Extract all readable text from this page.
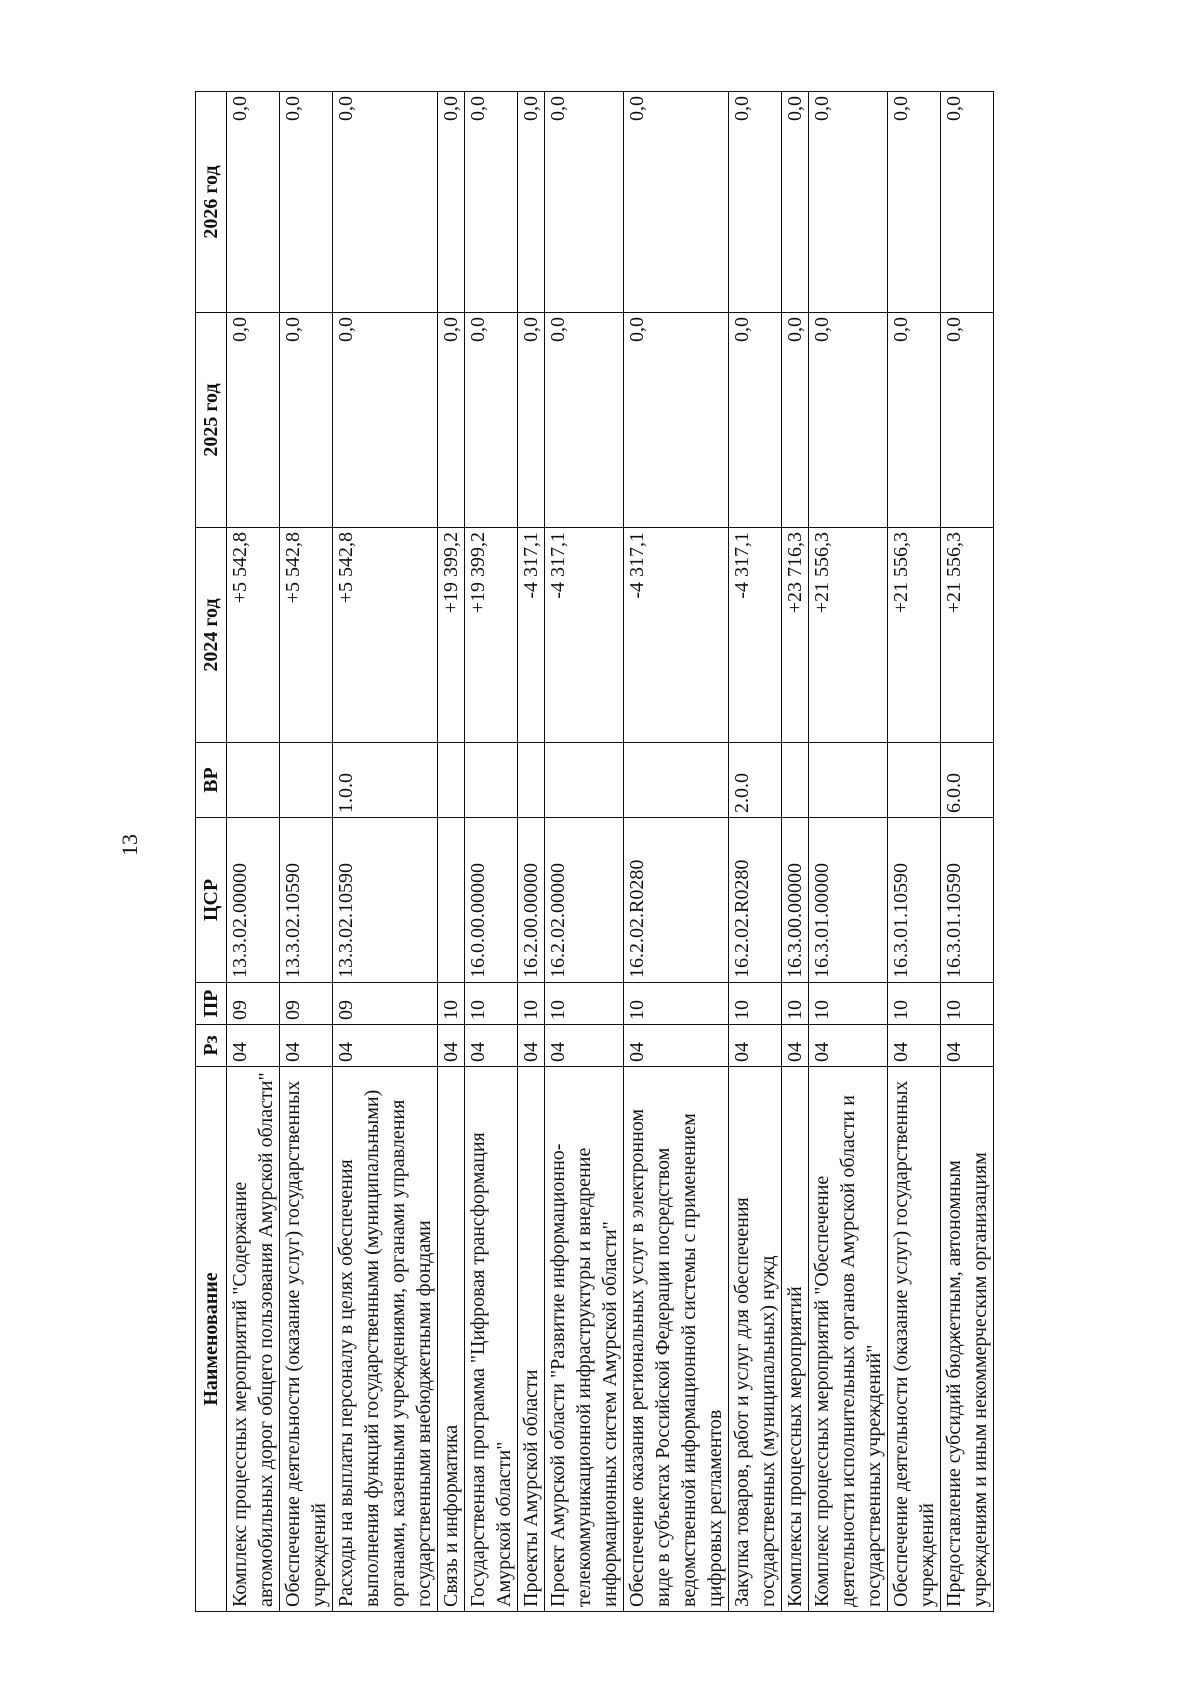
13
Наименование	Рз	ПР	ЦСР	ВР	2024 год	2025 год	2026 год
Комплекс процессных мероприятий "Содержание автомобильных дорог общего пользования Амурской области"	04	09	13.3.02.00000		+5 542,8	0,0	0,0
Обеспечение деятельности (оказание услуг) государственных учреждений	04	09	13.3.02.10590		+5 542,8	0,0	0,0
Расходы на выплаты персоналу в целях обеспечения выполнения функций государственными (муниципальными) органами, казенными учреждениями, органами управления государственными внебюджетными фондами	04	09	13.3.02.10590	1.0.0	+5 542,8	0,0	0,0
Связь и информатика	04	10			+19 399,2	0,0	0,0
Государственная программа "Цифровая трансформация Амурской области"	04	10	16.0.00.00000		+19 399,2	0,0	0,0
Проекты Амурской области	04	10	16.2.00.00000		-4 317,1	0,0	0,0
Проект Амурской области "Развитие информационно-телекоммуникационной инфраструктуры и внедрение информационных систем Амурской области"	04	10	16.2.02.00000		-4 317,1	0,0	0,0
Обеспечение оказания региональных услуг в электронном виде в субъектах Российской Федерации посредством ведомственной информационной системы с применением цифровых регламентов	04	10	16.2.02.R0280		-4 317,1	0,0	0,0
Закупка товаров, работ и услуг для обеспечения государственных (муниципальных) нужд	04	10	16.2.02.R0280	2.0.0	-4 317,1	0,0	0,0
Комплексы процессных мероприятий	04	10	16.3.00.00000		+23 716,3	0,0	0,0
Комплекс процессных мероприятий "Обеспечение деятельности исполнительных органов Амурской области и государственных учреждений"	04	10	16.3.01.00000		+21 556,3	0,0	0,0
Обеспечение деятельности (оказание услуг) государственных учреждений	04	10	16.3.01.10590		+21 556,3	0,0	0,0
Предоставление субсидий бюджетным, автономным учреждениям и иным некоммерческим организациям	04	10	16.3.01.10590	6.0.0	+21 556,3	0,0	0,0
